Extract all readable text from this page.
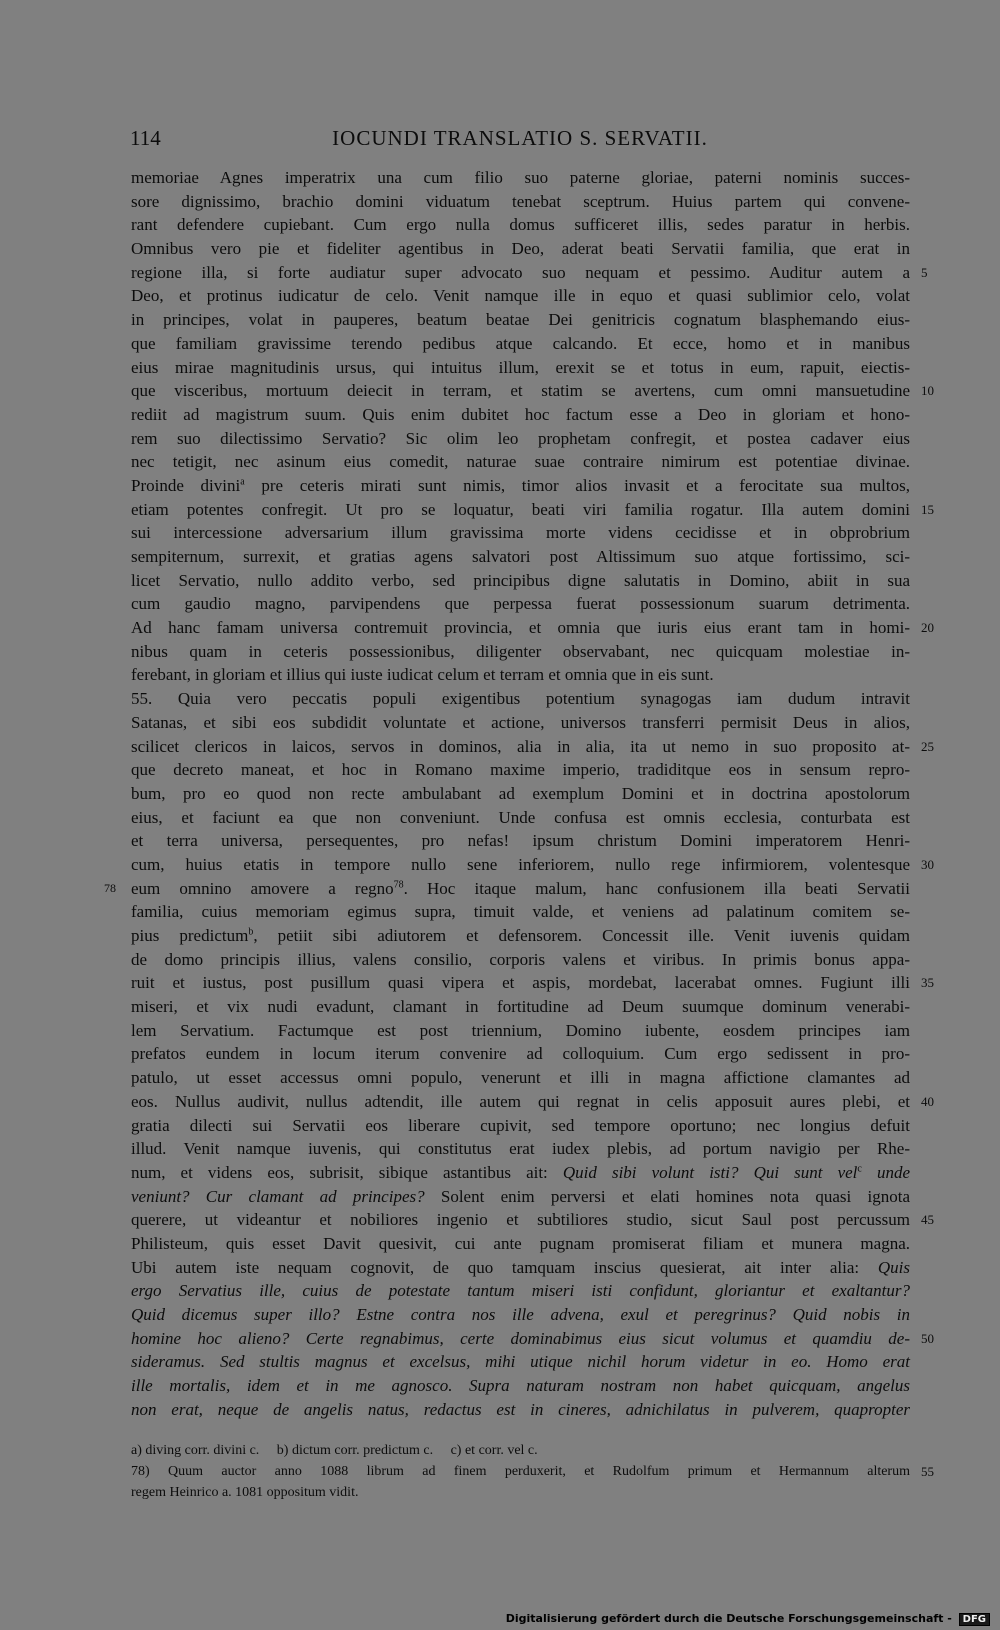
114	IOCUNDI TRANSLATIO S. SERVATII.
memoriae Agnes imperatrix una cum filio suo paterne gloriae, paterni nominis succes-
sore dignissimo, brachio domini viduatum tenebat sceptrum. Huius partem qui convene-
rant defendere cupiebant. Cum ergo nulla domus sufficeret illis, sedes paratur in herbis.
Omnibus vero pie et fideliter agentibus in Deo, aderat beati Servatii familia, que erat in
regione illa, si forte audiatur super advocato suo nequam et pessimo. Auditur autem a 5
Deo, et protinus iudicatur de celo. Venit namque ille in equo et quasi sublimior celo, volat
in principes, volat in pauperes, beatum beatae Dei genitricis cognatum blasphemando eius-
que familiam gravissime terendo pedibus atque calcando. Et ecce, homo et in manibus
eius mirae magnitudinis ursus, qui intuitus illum, erexit se et totus in eum, rapuit, eiectis-
que visceribus, mortuum deiecit in terram, et statim se avertens, cum omni mansuetudine 10
rediit ad magistrum suum. Quis enim dubitet hoc factum esse a Deo in gloriam et hono-
rem suo dilectissimo Servatio? Sic olim leo prophetam confregit, et postea cadaver eius
nec tetigit, nec asinum eius comedit, naturae suae contraire nimirum est potentiae divinae.
Proinde divini$^a$ pre ceteris mirati sunt nimis, timor alios invasit et a ferocitate sua multos,
etiam potentes confregit. Ut pro se loquatur, beati viri familia rogatur. Illa autem domini 15
sui intercessione adversarium illum gravissima morte videns cecidisse et in obprobrium
sempiternum, surrexit, et gratias agens salvatori post Altissimum suo atque fortissimo, sci-
licet Servatio, nullo addito verbo, sed principibus digne salutatis in Domino, abiit in sua
cum gaudio magno, parvipendens que perpessa fuerat possessionum suarum detrimenta.
Ad hanc famam universa contremuit provincia, et omnia que iuris eius erant tam in homi- 20
nibus quam in ceteris possessionibus, diligenter observabant, nec quicquam molestiae in-
ferebant, in gloriam et illius qui iuste iudicat celum et terram et omnia que in eis sunt.
55. Quia vero peccatis populi exigentibus potentium synagogas iam dudum intravit
Satanas, et sibi eos subdidit voluntate et actione, universos transferri permisit Deus in alios,
scilicet clericos in laicos, servos in dominos, alia in alia, ita ut nemo in suo proposito at- 25
que decreto maneat, et hoc in Romano maxime imperio, tradiditque eos in sensum repro-
bum, pro eo quod non recte ambulabant ad exemplum Domini et in doctrina apostolorum
eius, et faciunt ea que non conveniunt. Unde confusa est omnis ecclesia, conturbata est
et terra universa, persequentes, pro nefas! ipsum christum Domini imperatorem Henri-
cum, huius etatis in tempore nullo sene inferiorem, nullo rege infirmiorem, volentesque 30
eum omnino amovere a regno$^{78}$. Hoc itaque malum, hanc confusionem illa beati Servatii
78
familia, cuius memoriam egimus supra, timuit valde, et veniens ad palatinum comitem se-
pius predictum$^b$, petiit sibi adiutorem et defensorem. Concessit ille. Venit iuvenis quidam
de domo principis illius, valens consilio, corporis valens et viribus. In primis bonus appa-
ruit et iustus, post pusillum quasi vipera et aspis, mordebat, lacerabat omnes. Fugiunt illi 35
miseri, et vix nudi evadunt, clamant in fortitudine ad Deum suumque dominum venerabi-
lem Servatium. Factumque est post triennium, Domino iubente, eosdem principes iam
prefatos eundem in locum iterum convenire ad colloquium. Cum ergo sedissent in pro-
patulo, ut esset accessus omni populo, venerunt et illi in magna affictione clamantes ad
eos. Nullus audivit, nullus adtendit, ille autem qui regnat in celis apposuit aures plebi, et 40
gratia dilecti sui Servatii eos liberare cupivit, sed tempore oportuno; nec longius defuit
illud. Venit namque iuvenis, qui constitutus erat iudex plebis, ad portum navigio per Rhe-
num, et videns eos, subrisit, sibique astantibus ait: Quid sibi volunt isti? Qui sunt vel$^c$ unde
veniunt? Cur clamant ad principes? Solent enim perversi et elati homines nota quasi ignota
querere, ut videantur et nobiliores ingenio et subtiliores studio, sicut Saul post percussum 45
Philisteum, quis esset Davit quesivit, cui ante pugnam promiserat filiam et munera magna.
Ubi autem iste nequam cognovit, de quo tamquam inscius quesierat, ait inter alia: Quis
ergo Servatius ille, cuius de potestate tantum miseri isti confidunt, gloriantur et exaltantur?
Quid dicemus super illo? Estne contra nos ille advena, exul et peregrinus? Quid nobis in
homine hoc alieno? Certe regnabimus, certe dominabimus eius sicut volumus et quamdiu de- 50
sideramus. Sed stultis magnus et excelsus, mihi utique nichil horum videtur in eo. Homo erat
ille mortalis, idem et in me agnosco. Supra naturam nostram non habet quicquam, angelus
non erat, neque de angelis natus, redactus est in cineres, adnichilatus in pulverem, quapropter
a) diving corr. divini c.     b) dictum corr. predictum c.     c) et corr. vel c.
78) Quum auctor anno 1088 librum ad finem perduxerit, et Rudolfum primum et Hermannum alterum 55
regem Heinrico a. 1081 oppositum vidit.
Digitalisierung gefördert durch die Deutsche Forschungsgemeinschaft - DFG
